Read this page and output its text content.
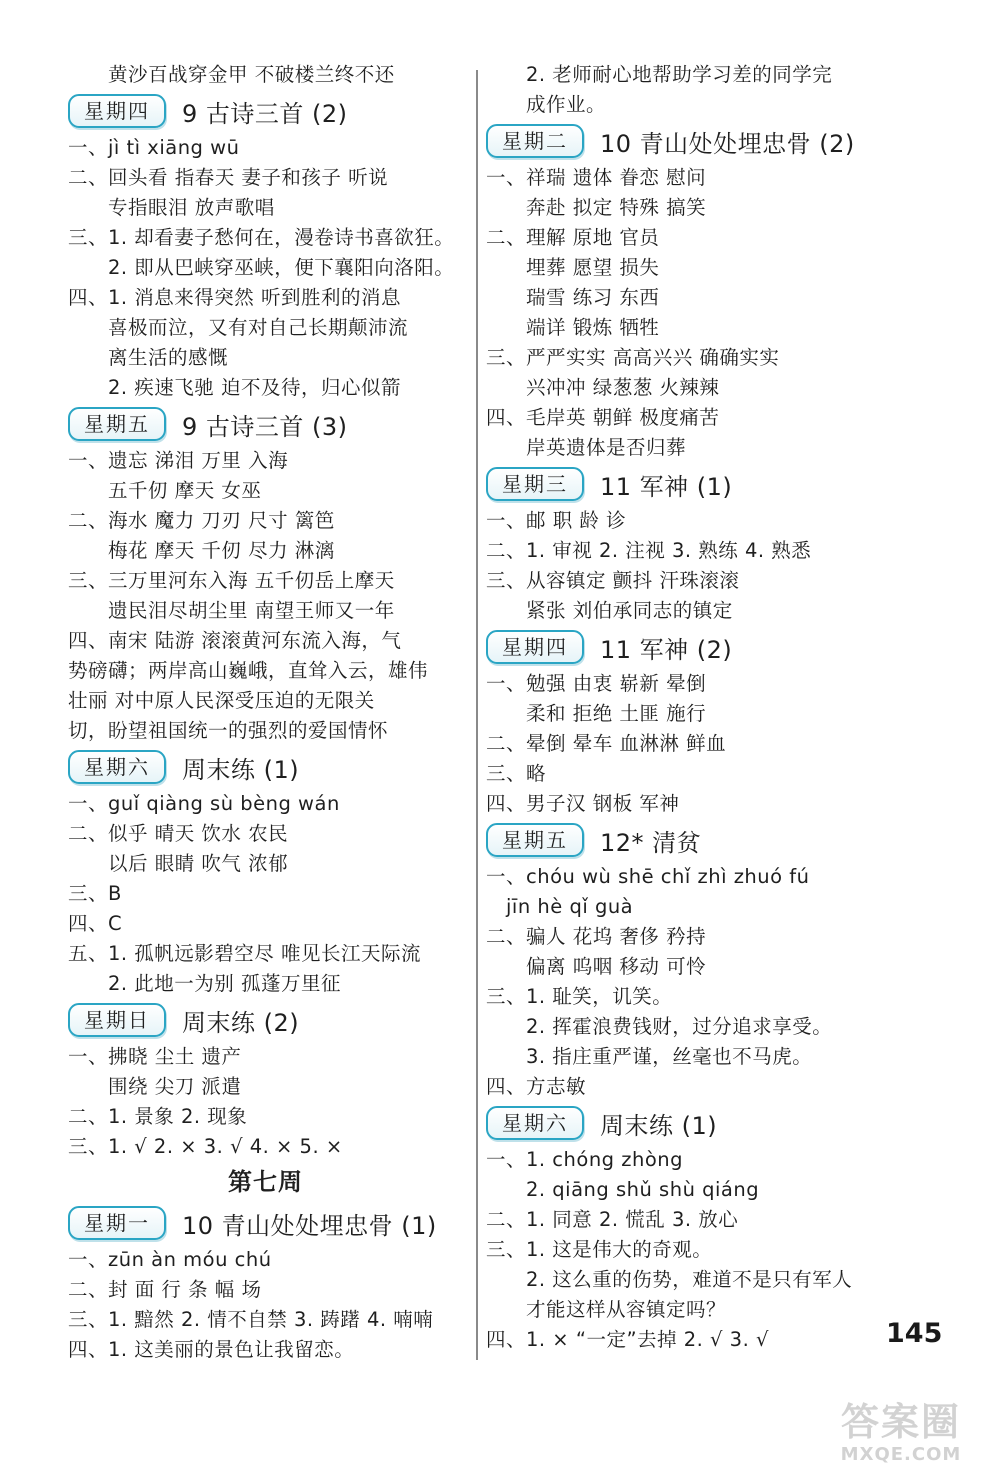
黄沙百战穿金甲 不破楼兰终不还
星期四	9 古诗三首 (2)
一、jì tì xiāng wū
二、回头看 指春天 妻子和孩子 听说
专指眼泪 放声歌唱
三、1. 却看妻子愁何在，漫卷诗书喜欲狂。
2. 即从巴峡穿巫峡，便下襄阳向洛阳。
四、1. 消息来得突然 听到胜利的消息
喜极而泣，又有对自己长期颠沛流
离生活的感慨
2. 疾速飞驰 迫不及待，归心似箭
星期五	9 古诗三首 (3)
一、遗忘 涕泪 万里 入海
五千仞 摩天 女巫
二、海水 魔力 刀刃 尺寸 篱笆
梅花 摩天 千仞 尽力 淋漓
三、三万里河东入海 五千仞岳上摩天
遗民泪尽胡尘里 南望王师又一年
四、南宋 陆游 滚滚黄河东流入海，气
势磅礴；两岸高山巍峨，直耸入云，雄伟
壮丽 对中原人民深受压迫的无限关
切，盼望祖国统一的强烈的爱国情怀
星期六	周末练 (1)
一、guǐ qiàng sù bèng wán
二、似乎 晴天 饮水 农民
以后 眼睛 吹气 浓郁
三、B
四、C
五、1. 孤帆远影碧空尽 唯见长江天际流
2. 此地一为别 孤蓬万里征
星期日	周末练 (2)
一、拂晓 尘土 遗产
围绕 尖刀 派遣
二、1. 景象 2. 现象
三、1. √ 2. × 3. √ 4. × 5. ×
第七周
星期一	10 青山处处埋忠骨 (1)
一、zūn àn móu chú
二、封 面 行 条 幅 场
三、1. 黯然 2. 情不自禁 3. 踌躇 4. 喃喃
四、1. 这美丽的景色让我留恋。
2. 老师耐心地帮助学习差的同学完
成作业。
星期二	10 青山处处埋忠骨 (2)
一、祥瑞 遗体 眷恋 慰问
奔赴 拟定 特殊 搞笑
二、理解 原地 官员
埋葬 愿望 损失
瑞雪 练习 东西
端详 锻炼 牺牲
三、严严实实 高高兴兴 确确实实
兴冲冲 绿葱葱 火辣辣
四、毛岸英 朝鲜 极度痛苦
岸英遗体是否归葬
星期三	11 军神 (1)
一、邮 职 龄 诊
二、1. 审视 2. 注视 3. 熟练 4. 熟悉
三、从容镇定 颤抖 汗珠滚滚
紧张 刘伯承同志的镇定
星期四	11 军神 (2)
一、勉强 由衷 崭新 晕倒
柔和 拒绝 土匪 施行
二、晕倒 晕车 血淋淋 鲜血
三、略
四、男子汉 钢板 军神
星期五	12* 清贫
一、chóu wù shē chǐ zhì zhuó fú
jīn hè qǐ guà
二、骗人 花坞 奢侈 矜持
偏离 呜咽 移动 可怜
三、1. 耻笑，讥笑。
2. 挥霍浪费钱财，过分追求享受。
3. 指庄重严谨，丝毫也不马虎。
四、方志敏
星期六	周末练 (1)
一、1. chóng zhòng
2. qiāng shǔ shù qiáng
二、1. 同意 2. 慌乱 3. 放心
三、1. 这是伟大的奇观。
2. 这么重的伤势，难道不是只有军人
才能这样从容镇定吗？
四、1. × “一定”去掉 2. √ 3. √	145
答案圈
MXQE.COM
